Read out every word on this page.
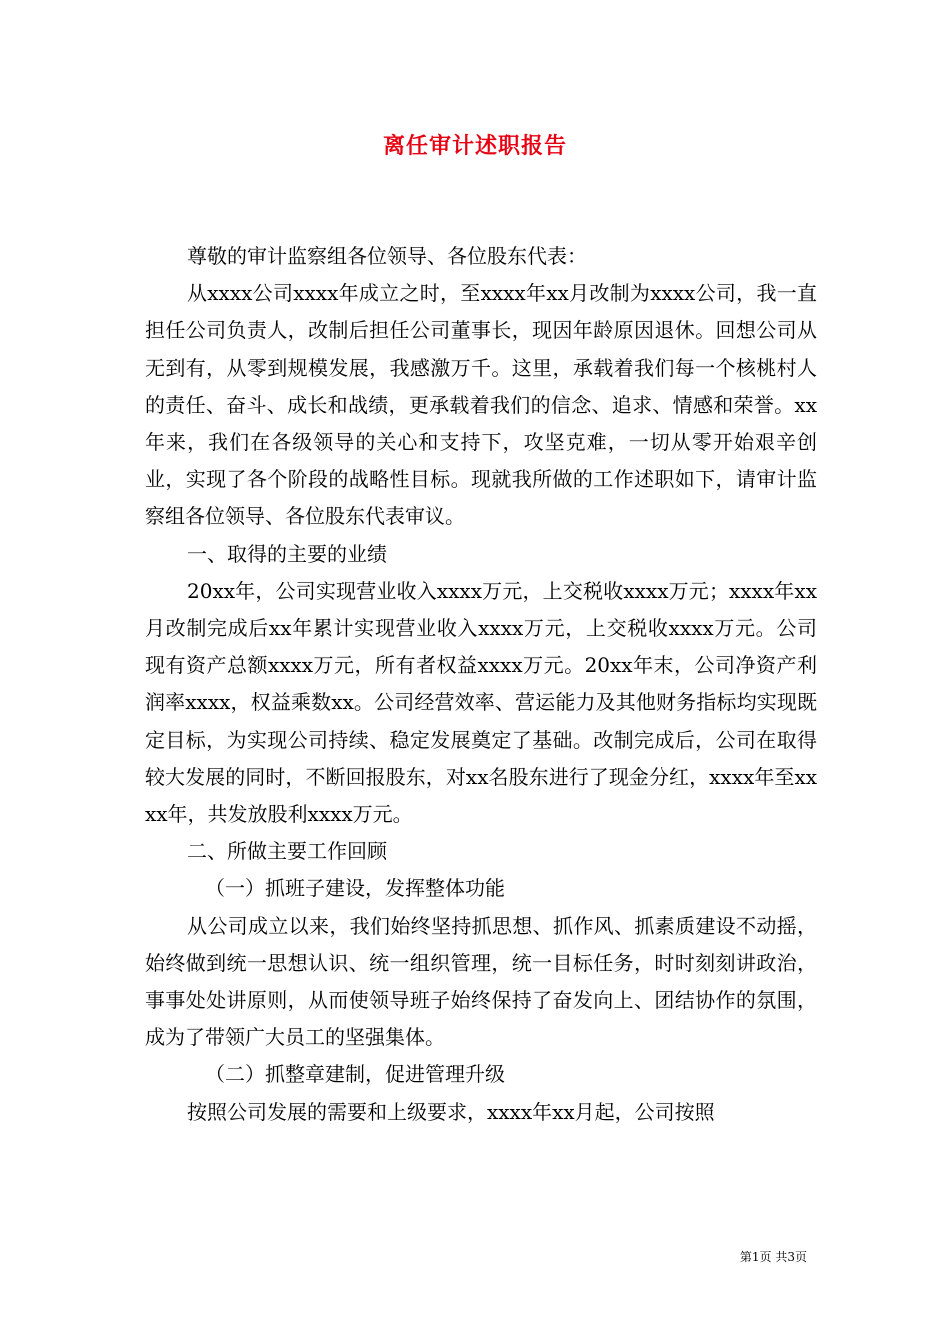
离任审计述职报告

尊敬的审计监察组各位领导、各位股东代表：

从xxxx公司xxxx年成立之时，至xxxx年xx月改制为xxxx公司，我一直担任公司负责人，改制后担任公司董事长，现因年龄原因退休。回想公司从无到有，从零到规模发展，我感激万千。这里，承载着我们每一个核桃村人的责任、奋斗、成长和战绩，更承载着我们的信念、追求、情感和荣誉。xx年来，我们在各级领导的关心和支持下，攻坚克难，一切从零开始艰辛创业，实现了各个阶段的战略性目标。现就我所做的工作述职如下，请审计监察组各位领导、各位股东代表审议。

一、取得的主要的业绩

20xx年，公司实现营业收入xxxx万元，上交税收xxxx万元；xxxx年xx月改制完成后xx年累计实现营业收入xxxx万元，上交税收xxxx万元。公司现有资产总额xxxx万元，所有者权益xxxx万元。20xx年末，公司净资产利润率xxxx，权益乘数xx。公司经营效率、营运能力及其他财务指标均实现既定目标，为实现公司持续、稳定发展奠定了基础。改制完成后，公司在取得较大发展的同时，不断回报股东，对xx名股东进行了现金分红，xxxx年至xxxx年，共发放股利xxxx万元。

二、所做主要工作回顾

（一）抓班子建设，发挥整体功能

从公司成立以来，我们始终坚持抓思想、抓作风、抓素质建设不动摇，始终做到统一思想认识、统一组织管理，统一目标任务，时时刻刻讲政治，事事处处讲原则，从而使领导班子始终保持了奋发向上、团结协作的氛围，成为了带领广大员工的坚强集体。

（二）抓整章建制，促进管理升级

按照公司发展的需要和上级要求，xxxx年xx月起，公司按照

第1页 共3页
